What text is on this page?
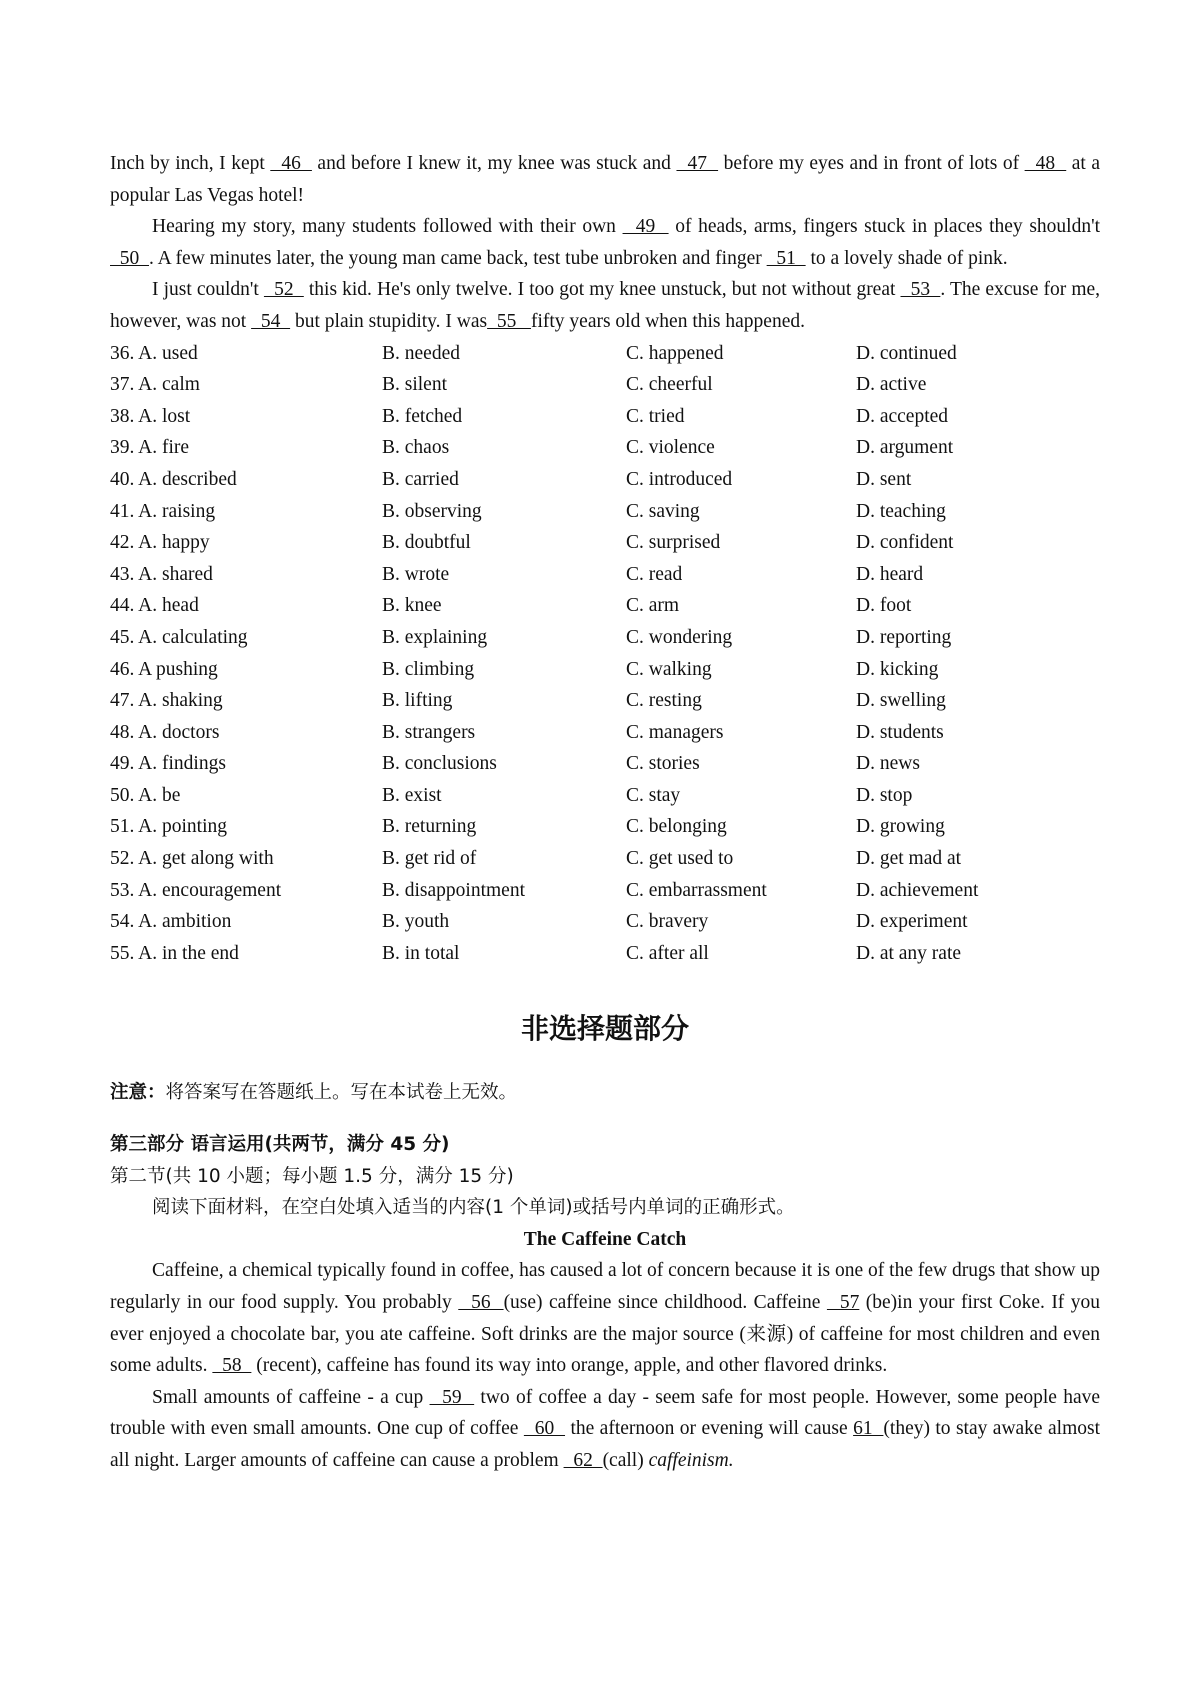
Inch by inch, I kept   46   and before I knew it, my knee was stuck and   47   before my eyes and in front of lots of   48   at a popular Las Vegas hotel!

Hearing my story, many students followed with their own   49   of heads, arms, fingers stuck in places they shouldn't   50  . A few minutes later, the young man came back, test tube unbroken and finger   51   to a lovely shade of pink.

I just couldn't   52   this kid. He's only twelve. I too got my knee unstuck, but not without great   53  . The excuse for me, however, was not   54   but plain stupidity. I was  55   fifty years old when this happened.

36. A. used	B. needed	C. happened	D. continued
37. A. calm	B. silent	C. cheerful	D. active
38. A. lost	B. fetched	C. tried	D. accepted
39. A. fire	B. chaos	C. violence	D. argument
40. A. described	B. carried	C. introduced	D. sent
41. A. raising	B. observing	C. saving	D. teaching
42. A. happy	B. doubtful	C. surprised	D. confident
43. A. shared	B. wrote	C. read	D. heard
44. A. head	B. knee	C. arm	D. foot
45. A. calculating	B. explaining	C. wondering	D. reporting
46. A pushing	B. climbing	C. walking	D. kicking
47. A. shaking	B. lifting	C. resting	D. swelling
48. A. doctors	B. strangers	C. managers	D. students
49. A. findings	B. conclusions	C. stories	D. news
50. A. be	B. exist	C. stay	D. stop
51. A. pointing	B. returning	C. belonging	D. growing
52. A. get along with	B. get rid of	C. get used to	D. get mad at
53. A. encouragement	B. disappointment	C. embarrassment	D. achievement
54. A. ambition	B. youth	C. bravery	D. experiment
55. A. in the end	B. in total	C. after all	D. at any rate
非选择题部分

注意：将答案写在答题纸上。写在本试卷上无效。

第三部分 语言运用(共两节，满分 45 分)

第二节(共 10 小题；每小题 1.5 分，满分 15 分)

阅读下面材料，在空白处填入适当的内容(1 个单词)或括号内单词的正确形式。

The Caffeine Catch

Caffeine, a chemical typically found in coffee, has caused a lot of concern because it is one of the few drugs that show up regularly in our food supply. You probably   56  (use) caffeine since childhood. Caffeine   57 (be)in your first Coke. If you ever enjoyed a chocolate bar, you ate caffeine. Soft drinks are the major source (来源) of caffeine for most children and even some adults.   58   (recent), caffeine has found its way into orange, apple, and other flavored drinks.

Small amounts of caffeine - a cup   59   two of coffee a day - seem safe for most people. However, some people have trouble with even small amounts. One cup of coffee   60   the afternoon or evening will cause 61  (they) to stay awake almost all night. Larger amounts of caffeine can cause a problem   62  (call) caffeinism.
